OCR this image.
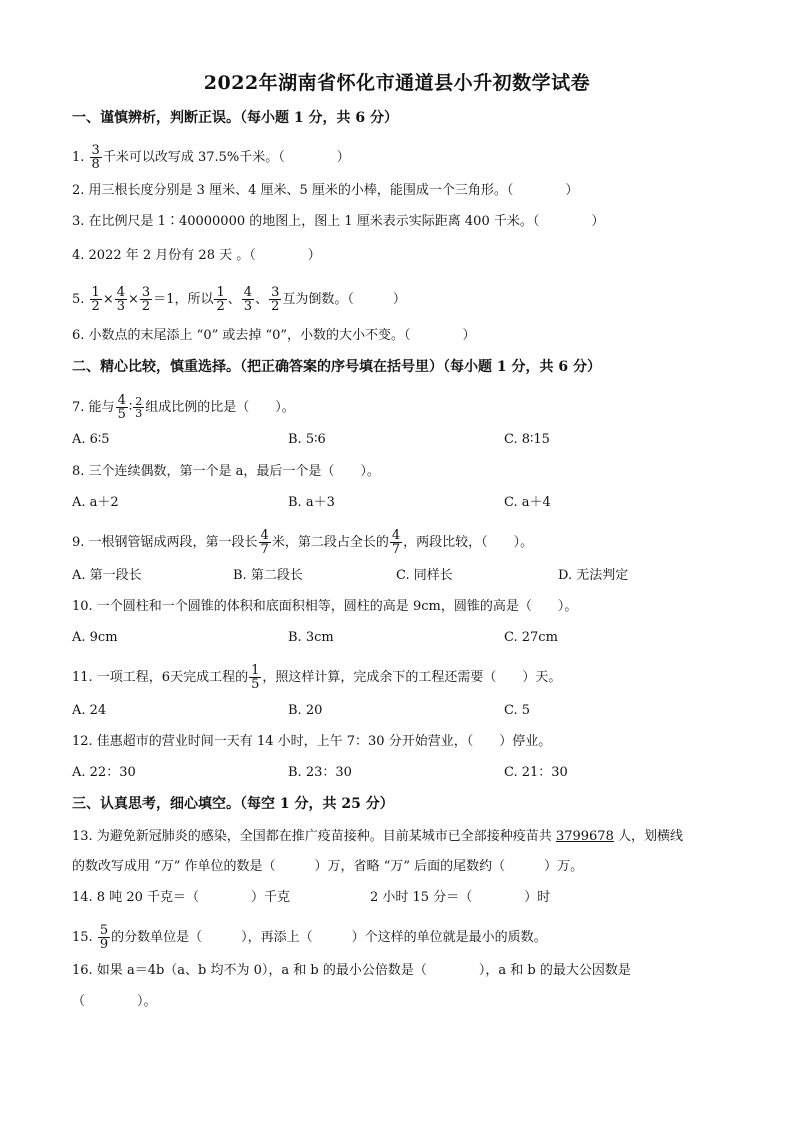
2022年湖南省怀化市通道县小升初数学试卷
一、谨慎辨析，判断正误。（每小题 1 分，共 6 分）
1. $\frac{3}{8}$ 千米可以改写成 37.5%千米。（　　　　）
2. 用三根长度分别是 3 厘米、4 厘米、5 厘米的小棒，能围成一个三角形。（　　　　）
3. 在比例尺是 1∶40000000 的地图上，图上 1 厘米表示实际距离 400 千米。（　　　　）
4. 2022 年 2 月份有 28 天 。（　　　　）
5. $\frac{1}{2} \times \frac{4}{3} \times \frac{3}{2} =1$，所以 $\frac{1}{2}$ 、 $\frac{4}{3}$ 、 $\frac{3}{2}$ 互为倒数。（　　　）
6. 小数点的末尾添上 “0” 或去掉 “0”，小数的大小不变。（　　　　）
二、精心比较，慎重选择。（把正确答案的序号填在括号里）（每小题 1 分，共 6 分）
7. 能与 $\frac{4}{5}$ ∶ $\frac{2}{3}$ 组成比例的比是（　　）。
A. 6∶5	B. 5∶6	C. 8∶15
8. 三个连续偶数，第一个是 a，最后一个是（　　）。
A. a＋2	B. a＋3	C. a＋4
9. 一根钢管锯成两段，第一段长 $\frac{4}{7}$ 米，第二段占全长的 $\frac{4}{7}$ ，两段比较，（　　）。
A. 第一段长	B. 第二段长	C. 同样长	D. 无法判定
10. 一个圆柱和一个圆锥的体积和底面积相等，圆柱的高是 9cm，圆锥的高是（　　）。
A. 9cm	B. 3cm	C. 27cm
11. 一项工程，6天完成工程的 $\frac{1}{5}$ ，照这样计算，完成余下的工程还需要（　　）天。
A. 24	B. 20	C. 5
12. 佳惠超市的营业时间一天有 14 小时，上午 7：30 分开始营业，（　　）停业。
A. 22：30	B. 23：30	C. 21：30
三、认真思考，细心填空。（每空 1 分，共 25 分）
13. 为避免新冠肺炎的感染，全国都在推广疫苗接种。目前某城市已全部接种疫苗共 3799678 人，划横线
的数改写成用 “万” 作单位的数是（　　　）万，省略 “万” 后面的尾数约（　　　）万。
14. 8 吨 20 千克＝（　　　　）千克	2 小时 15 分＝（　　　　）时
15. $\frac{5}{9}$ 的分数单位是（　　　），再添上（　　　）个这样的单位就是最小的质数。
16. 如果 a＝4b（a、b 均不为 0），a 和 b 的最小公倍数是（　　　　），a 和 b 的最大公因数是
（　　　　）。
